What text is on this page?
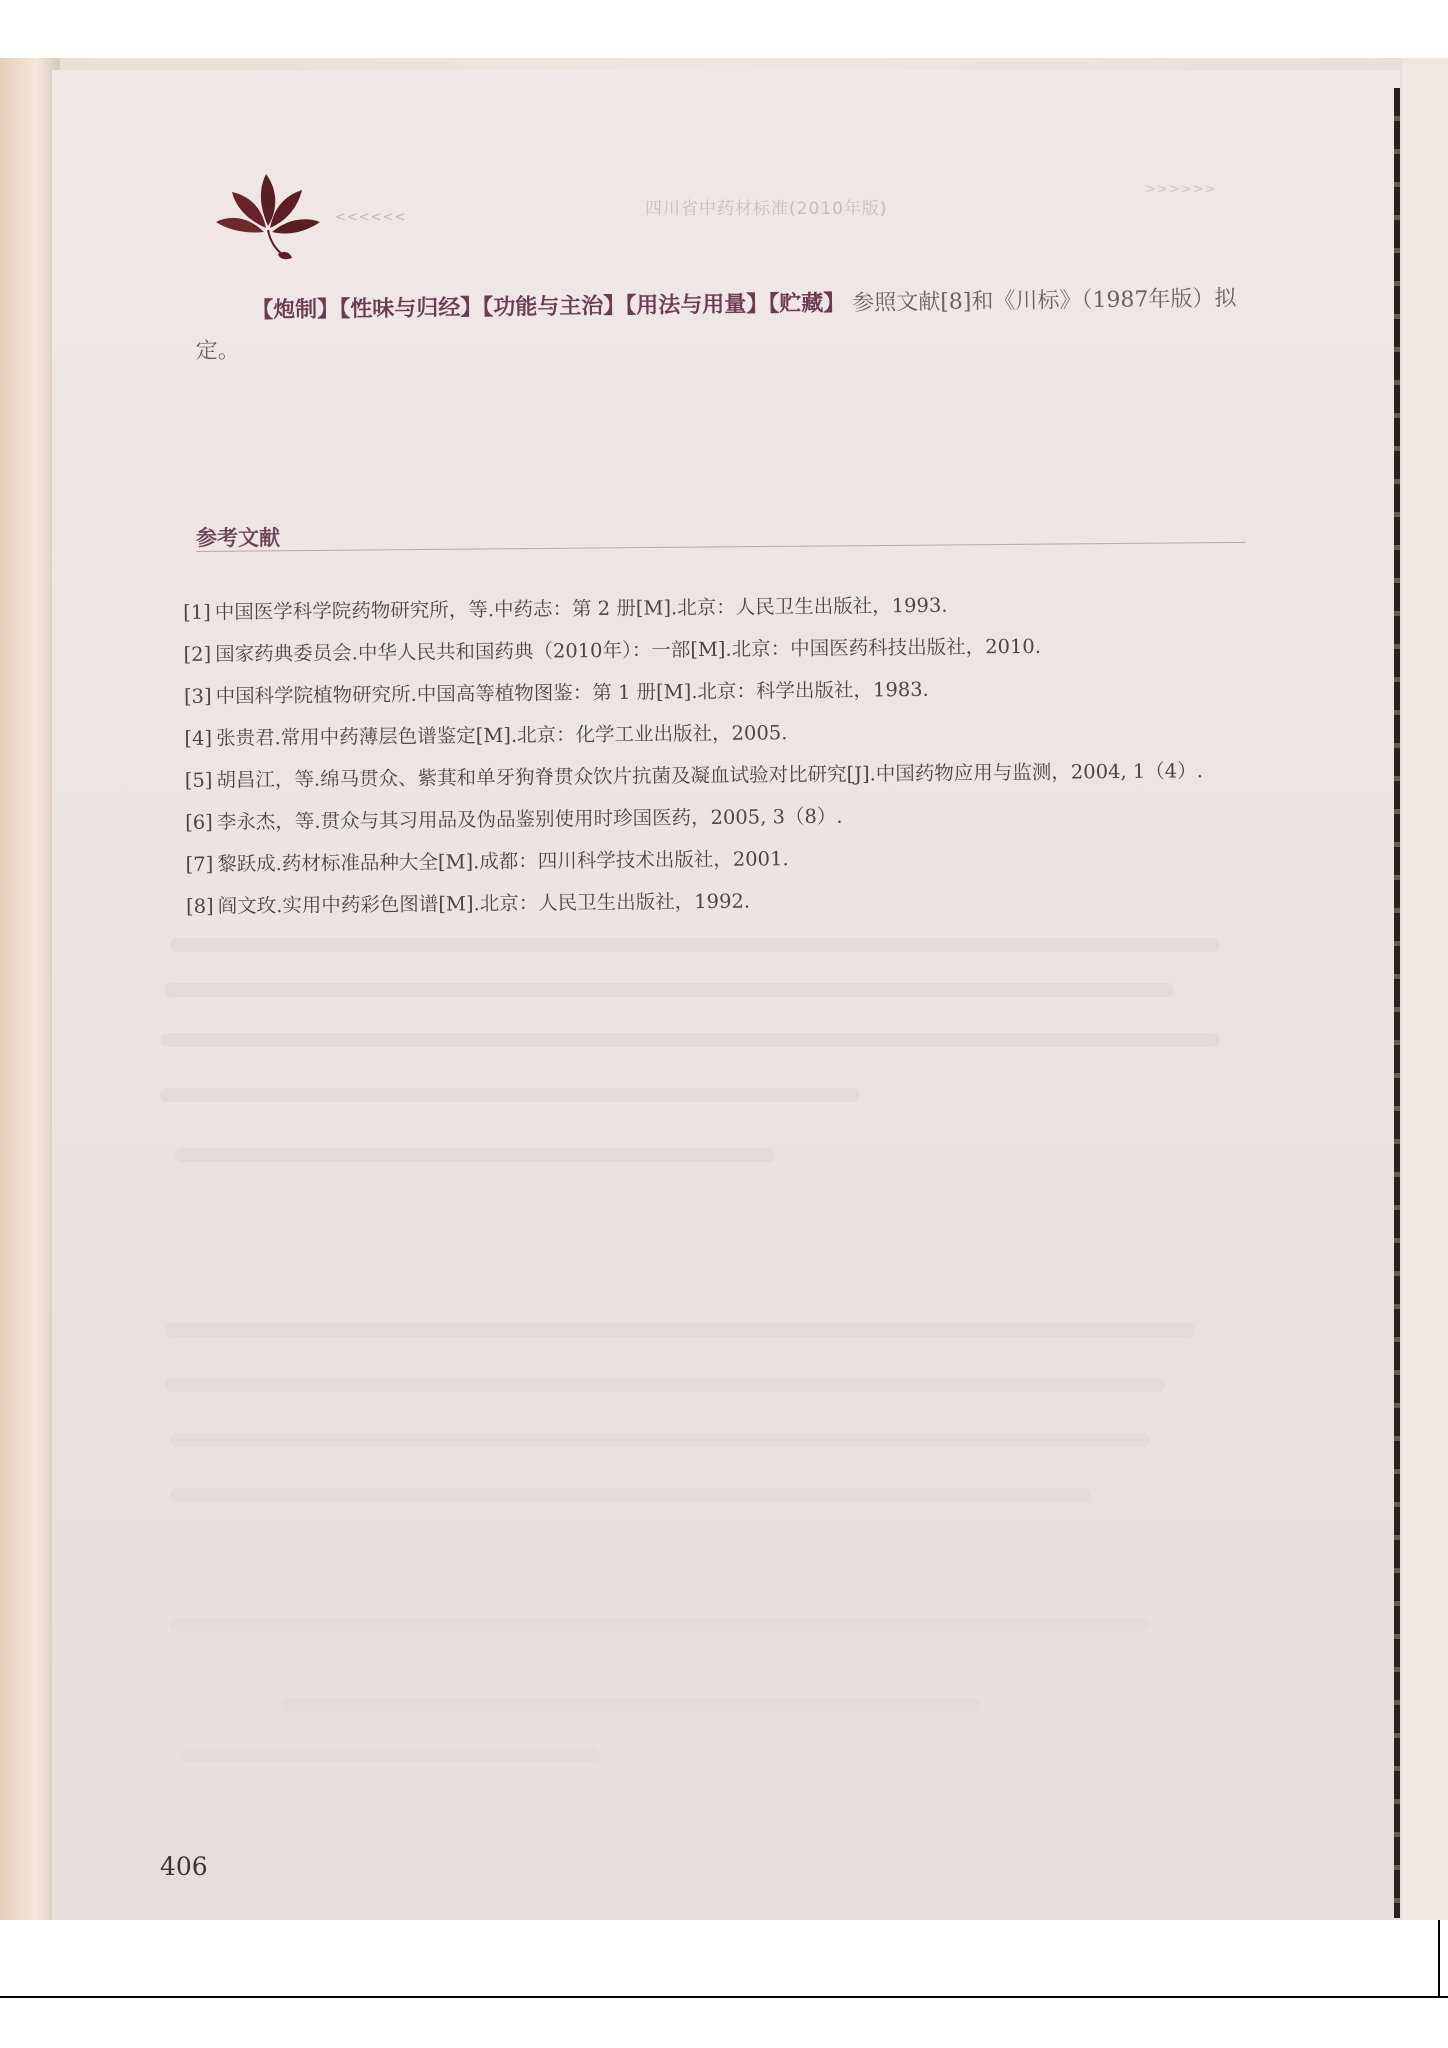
<<<<<<	四川省中药材标准(2010年版)
>>>>>>

【炮制】【性味与归经】【功能与主治】【用法与用量】【贮藏】 参照文献[8]和《川标》（1987年版）拟定。

参考文献
[1] 中国医学科学院药物研究所，等.中药志：第 2 册[M].北京：人民卫生出版社，1993.
[2] 国家药典委员会.中华人民共和国药典（2010年）：一部[M].北京：中国医药科技出版社，2010.
[3] 中国科学院植物研究所.中国高等植物图鉴：第 1 册[M].北京：科学出版社，1983.
[4] 张贵君.常用中药薄层色谱鉴定[M].北京：化学工业出版社，2005.
[5] 胡昌江，等.绵马贯众、紫萁和单牙狗脊贯众饮片抗菌及凝血试验对比研究[J].中国药物应用与监测，2004, 1（4）.
[6] 李永杰，等.贯众与其习用品及伪品鉴别使用时珍国医药，2005, 3（8）.
[7] 黎跃成.药材标准品种大全[M].成都：四川科学技术出版社，2001.
[8] 阎文玫.实用中药彩色图谱[M].北京：人民卫生出版社，1992.
406
